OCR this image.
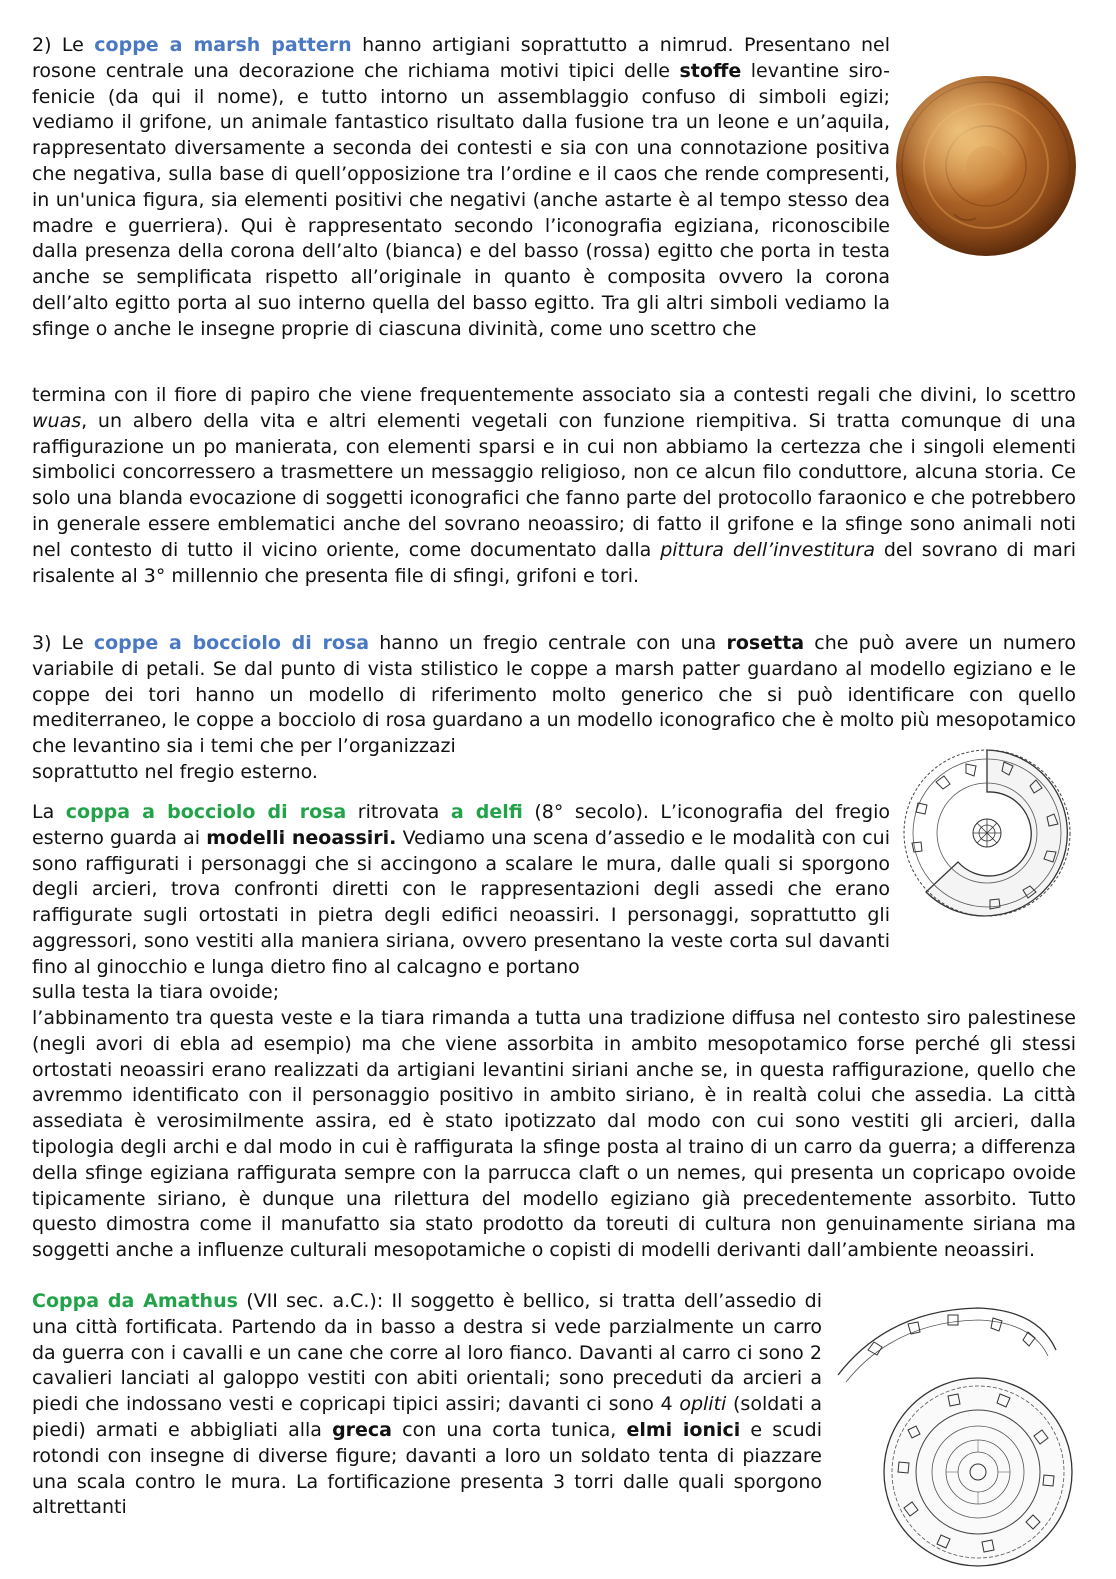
2) Le coppe a marsh pattern hanno artigiani soprattutto a nimrud. Presentano nel rosone centrale una decorazione che richiama motivi tipici delle stoffe levantine siro-fenicie (da qui il nome), e tutto intorno un assemblaggio confuso di simboli egizi; vediamo il grifone, un animale fantastico risultato dalla fusione tra un leone e un’aquila, rappresentato diversamente a seconda dei contesti e sia con una connotazione positiva che negativa, sulla base di quell’opposizione tra l’ordine e il caos che rende compresenti, in un'unica figura, sia elementi positivi che negativi (anche astarte è al tempo stesso dea madre e guerriera). Qui è rappresentato secondo l’iconografia egiziana, riconoscibile dalla presenza della corona dell’alto (bianca) e del basso (rossa) egitto che porta in testa anche se semplificata rispetto all’originale in quanto è composita ovvero la corona dell’alto egitto porta al suo interno quella del basso egitto. Tra gli altri simboli vediamo la sfinge o anche le insegne proprie di ciascuna divinità, come uno scettro che

termina con il fiore di papiro che viene frequentemente associato sia a contesti regali che divini, lo scettro wuas, un albero della vita e altri elementi vegetali con funzione riempitiva. Si tratta comunque di una raffigurazione un po manierata, con elementi sparsi e in cui non abbiamo la certezza che i singoli elementi simbolici concorressero a trasmettere un messaggio religioso, non ce alcun filo conduttore, alcuna storia. Ce solo una blanda evocazione di soggetti iconografici che fanno parte del protocollo faraonico e che potrebbero in generale essere emblematici anche del sovrano neoassiro; di fatto il grifone e la sfinge sono animali noti nel contesto di tutto il vicino oriente, come documentato dalla pittura dell’investitura del sovrano di mari risalente al 3° millennio che presenta file di sfingi, grifoni e tori.

3) Le coppe a bocciolo di rosa hanno un fregio centrale con una rosetta che può avere un numero variabile di petali. Se dal punto di vista stilistico le coppe a marsh patter guardano al modello egiziano e le coppe dei tori hanno un modello di riferimento molto generico che si può identificare con quello mediterraneo, le coppe a bocciolo di rosa guardano a un modello iconografico che è molto più mesopotamico che levantino sia i temi che per l’organizzazi

soprattutto nel fregio esterno.

La coppa a bocciolo di rosa ritrovata a delfi (8° secolo). L’iconografia del fregio esterno guarda ai modelli neoassiri. Vediamo una scena d’assedio e le modalità con cui sono raffigurati i personaggi che si accingono a scalare le mura, dalle quali si sporgono degli arcieri, trova confronti diretti con le rappresentazioni degli assedi che erano raffigurate sugli ortostati in pietra degli edifici neoassiri. I personaggi, soprattutto gli aggressori, sono vestiti alla maniera siriana, ovvero presentano la veste corta sul davanti fino al ginocchio e lunga dietro fino al calcagno e portano

sulla testa la tiara ovoide;

l’abbinamento tra questa veste e la tiara rimanda a tutta una tradizione diffusa nel contesto siro palestinese (negli avori di ebla ad esempio) ma che viene assorbita in ambito mesopotamico forse perché gli stessi ortostati neoassiri erano realizzati da artigiani levantini siriani anche se, in questa raffigurazione, quello che avremmo identificato con il personaggio positivo in ambito siriano, è in realtà colui che assedia. La città assediata è verosimilmente assira, ed è stato ipotizzato dal modo con cui sono vestiti gli arcieri, dalla tipologia degli archi e dal modo in cui è raffigurata la sfinge posta al traino di un carro da guerra; a differenza della sfinge egiziana raffigurata sempre con la parrucca claft o un nemes, qui presenta un copricapo ovoide tipicamente siriano, è dunque una rilettura del modello egiziano già precedentemente assorbito. Tutto questo dimostra come il manufatto sia stato prodotto da toreuti di cultura non genuinamente siriana ma soggetti anche a influenze culturali mesopotamiche o copisti di modelli derivanti dall’ambiente neoassiri.

Coppa da Amathus (VII sec. a.C.): Il soggetto è bellico, si tratta dell’assedio di una città fortificata. Partendo da in basso a destra si vede parzialmente un carro da guerra con i cavalli e un cane che corre al loro fianco. Davanti al carro ci sono 2 cavalieri lanciati al galoppo vestiti con abiti orientali; sono preceduti da arcieri a piedi che indossano vesti e copricapi tipici assiri; davanti ci sono 4 opliti (soldati a piedi) armati e abbigliati alla greca con una corta tunica, elmi ionici e scudi rotondi con insegne di diverse figure; davanti a loro un soldato tenta di piazzare una scala contro le mura. La fortificazione presenta 3 torri dalle quali sporgono altrettanti
